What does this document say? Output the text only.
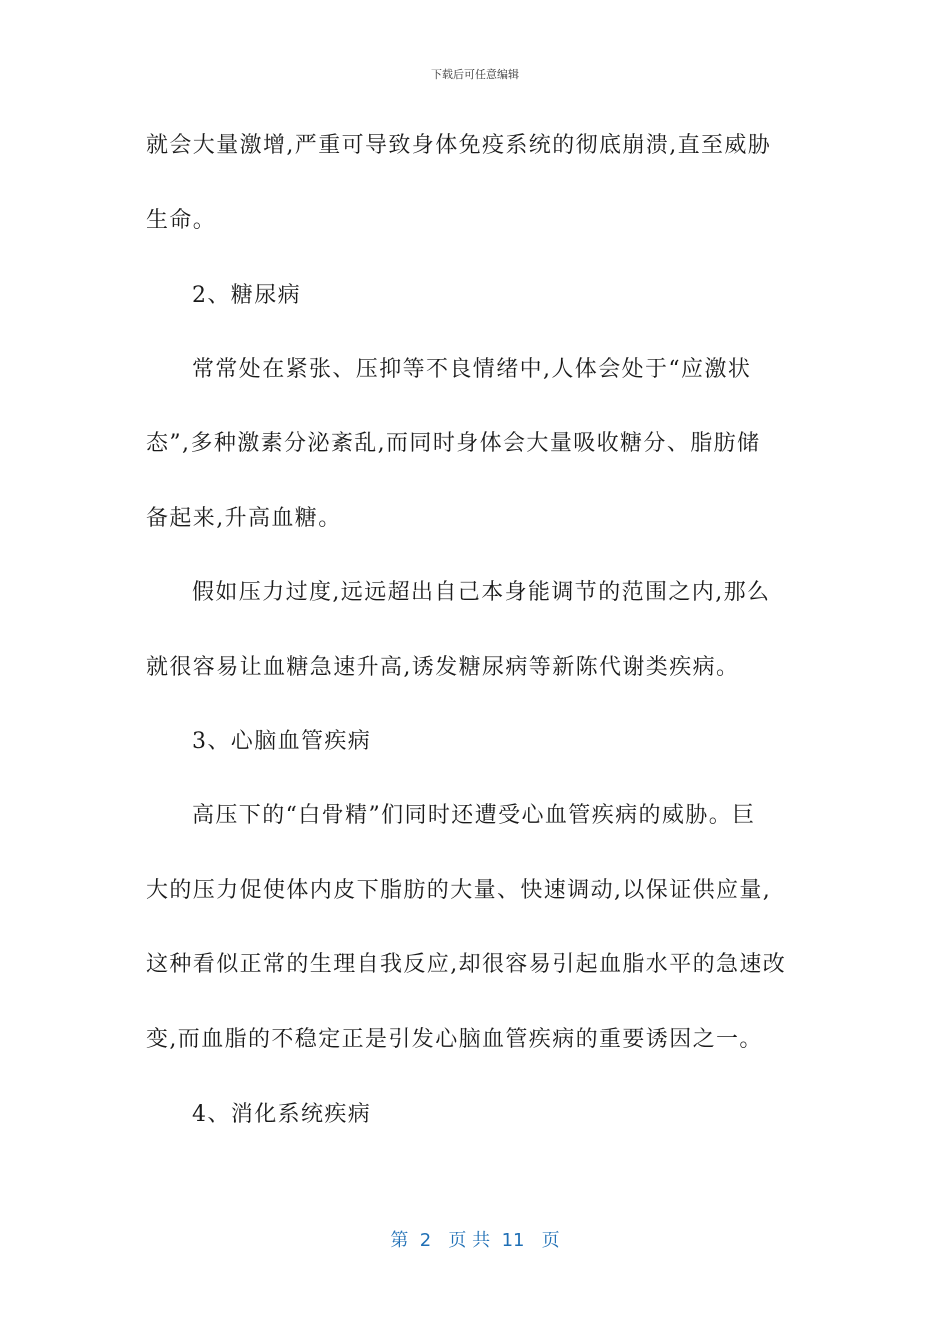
下载后可任意编辑
就会大量激增,严重可导致身体免疫系统的彻底崩溃,直至威胁
生命。
2、糖尿病
常常处在紧张、压抑等不良情绪中,人体会处于“应激状
态”,多种激素分泌紊乱,而同时身体会大量吸收糖分、脂肪储
备起来,升高血糖。
假如压力过度,远远超出自己本身能调节的范围之内,那么
就很容易让血糖急速升高,诱发糖尿病等新陈代谢类疾病。
3、心脑血管疾病
高压下的“白骨精”们同时还遭受心血管疾病的威胁。巨
大的压力促使体内皮下脂肪的大量、快速调动,以保证供应量,
这种看似正常的生理自我反应,却很容易引起血脂水平的急速改
变,而血脂的不稳定正是引发心脑血管疾病的重要诱因之一。
4、消化系统疾病
第  2   页 共  11   页
